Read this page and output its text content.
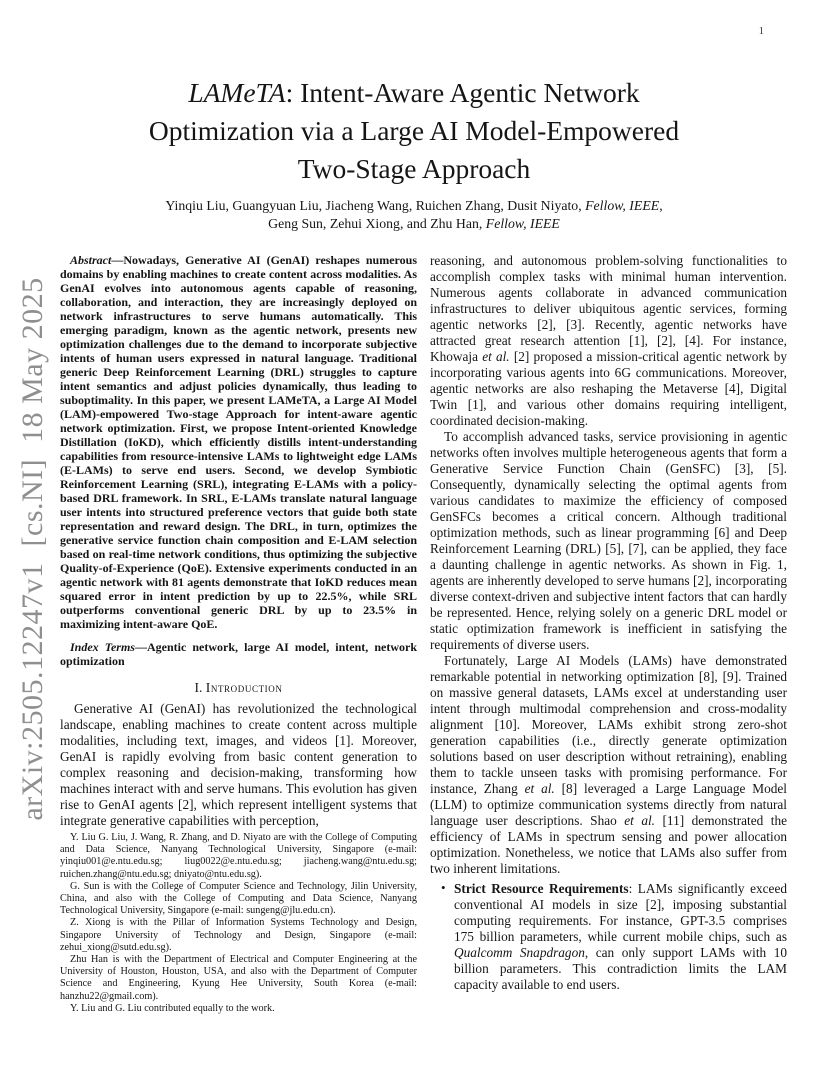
1
arXiv:2505.12247v1  [cs.NI]  18 May 2025
LAMeTA: Intent-Aware Agentic Network
Optimization via a Large AI Model-Empowered
Two-Stage Approach
Yinqiu Liu, Guangyuan Liu, Jiacheng Wang, Ruichen Zhang, Dusit Niyato, Fellow, IEEE,
Geng Sun, Zehui Xiong, and Zhu Han, Fellow, IEEE

Abstract—Nowadays, Generative AI (GenAI) reshapes numerous domains by enabling machines to create content across modalities. As GenAI evolves into autonomous agents capable of reasoning, collaboration, and interaction, they are increasingly deployed on network infrastructures to serve humans automatically. This emerging paradigm, known as the agentic network, presents new optimization challenges due to the demand to incorporate subjective intents of human users expressed in natural language. Traditional generic Deep Reinforcement Learning (DRL) struggles to capture intent semantics and adjust policies dynamically, thus leading to suboptimality. In this paper, we present LAMeTA, a Large AI Model (LAM)-empowered Two-stage Approach for intent-aware agentic network optimization. First, we propose Intent-oriented Knowledge Distillation (IoKD), which efficiently distills intent-understanding capabilities from resource-intensive LAMs to lightweight edge LAMs (E-LAMs) to serve end users. Second, we develop Symbiotic Reinforcement Learning (SRL), integrating E-LAMs with a policy-based DRL framework. In SRL, E-LAMs translate natural language user intents into structured preference vectors that guide both state representation and reward design. The DRL, in turn, optimizes the generative service function chain composition and E-LAM selection based on real-time network conditions, thus optimizing the subjective Quality-of-Experience (QoE). Extensive experiments conducted in an agentic network with 81 agents demonstrate that IoKD reduces mean squared error in intent prediction by up to 22.5%, while SRL outperforms conventional generic DRL by up to 23.5% in maximizing intent-aware QoE.

Index Terms—Agentic network, large AI model, intent, network optimization

I. Introduction

Generative AI (GenAI) has revolutionized the technological landscape, enabling machines to create content across multiple modalities, including text, images, and videos [1]. Moreover, GenAI is rapidly evolving from basic content generation to complex reasoning and decision-making, transforming how machines interact with and serve humans. This evolution has given rise to GenAI agents [2], which represent intelligent systems that integrate generative capabilities with perception,

Y. Liu G. Liu, J. Wang, R. Zhang, and D. Niyato are with the College of Computing and Data Science, Nanyang Technological University, Singapore (e-mail: yinqiu001@e.ntu.edu.sg; liug0022@e.ntu.edu.sg; jiacheng.wang@ntu.edu.sg; ruichen.zhang@ntu.edu.sg; dniyato@ntu.edu.sg).

G. Sun is with the College of Computer Science and Technology, Jilin University, China, and also with the College of Computing and Data Science, Nanyang Technological University, Singapore (e-mail: sungeng@jlu.edu.cn).

Z. Xiong is with the Pillar of Information Systems Technology and Design, Singapore University of Technology and Design, Singapore (e-mail: zehui_xiong@sutd.edu.sg).

Zhu Han is with the Department of Electrical and Computer Engineering at the University of Houston, Houston, USA, and also with the Department of Computer Science and Engineering, Kyung Hee University, South Korea (e-mail: hanzhu22@gmail.com).

Y. Liu and G. Liu contributed equally to the work.

reasoning, and autonomous problem-solving functionalities to accomplish complex tasks with minimal human intervention. Numerous agents collaborate in advanced communication infrastructures to deliver ubiquitous agentic services, forming agentic networks [2], [3]. Recently, agentic networks have attracted great research attention [1], [2], [4]. For instance, Khowaja et al. [2] proposed a mission-critical agentic network by incorporating various agents into 6G communications. Moreover, agentic networks are also reshaping the Metaverse [4], Digital Twin [1], and various other domains requiring intelligent, coordinated decision-making.

To accomplish advanced tasks, service provisioning in agentic networks often involves multiple heterogeneous agents that form a Generative Service Function Chain (GenSFC) [3], [5]. Consequently, dynamically selecting the optimal agents from various candidates to maximize the efficiency of composed GenSFCs becomes a critical concern. Although traditional optimization methods, such as linear programming [6] and Deep Reinforcement Learning (DRL) [5], [7], can be applied, they face a daunting challenge in agentic networks. As shown in Fig. 1, agents are inherently developed to serve humans [2], incorporating diverse context-driven and subjective intent factors that can hardly be represented. Hence, relying solely on a generic DRL model or static optimization framework is inefficient in satisfying the requirements of diverse users.

Fortunately, Large AI Models (LAMs) have demonstrated remarkable potential in networking optimization [8], [9]. Trained on massive general datasets, LAMs excel at understanding user intent through multimodal comprehension and cross-modality alignment [10]. Moreover, LAMs exhibit strong zero-shot generation capabilities (i.e., directly generate optimization solutions based on user description without retraining), enabling them to tackle unseen tasks with promising performance. For instance, Zhang et al. [8] leveraged a Large Language Model (LLM) to optimize communication systems directly from natural language user descriptions. Shao et al. [11] demonstrated the efficiency of LAMs in spectrum sensing and power allocation optimization. Nonetheless, we notice that LAMs also suffer from two inherent limitations.

• Strict Resource Requirements: LAMs significantly exceed conventional AI models in size [2], imposing substantial computing requirements. For instance, GPT-3.5 comprises 175 billion parameters, while current mobile chips, such as Qualcomm Snapdragon, can only support LAMs with 10 billion parameters. This contradiction limits the LAM capacity available to end users.
